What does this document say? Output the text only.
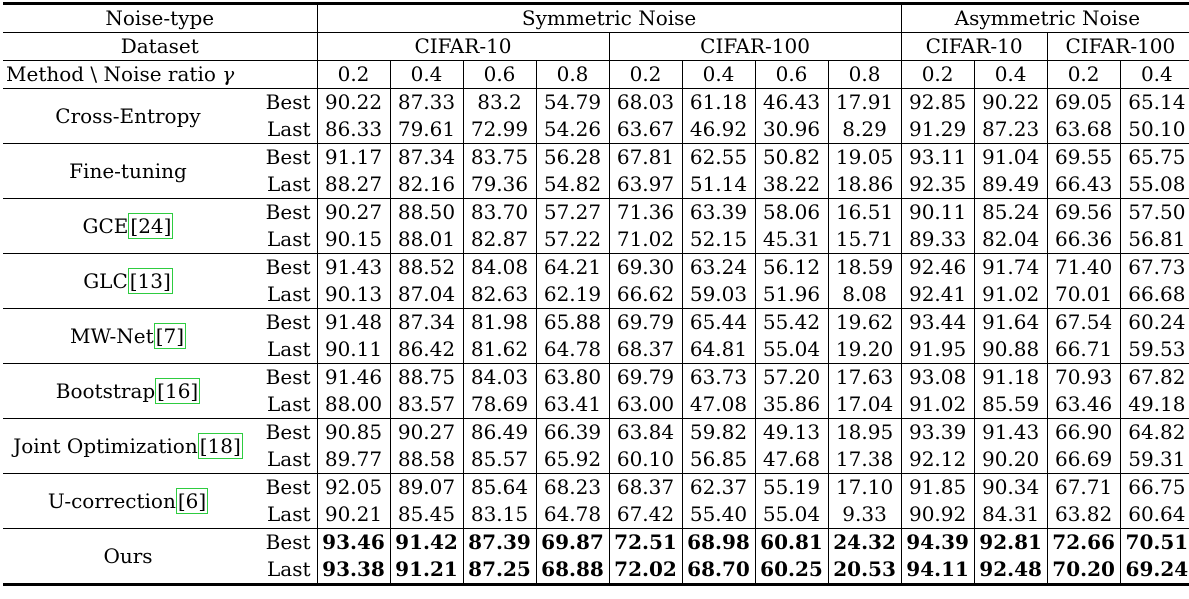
Noise-type		Symmetric Noise								Asymmetric Noise			
Dataset		CIFAR-10				CIFAR-100				CIFAR-10		CIFAR-100	
Method \ Noise ratio γ		0.2	0.4	0.6	0.8	0.2	0.4	0.6	0.8	0.2	0.4	0.2	0.4
Cross-Entropy	Best	90.22	87.33	83.2	54.79	68.03	61.18	46.43	17.91	92.85	90.22	69.05	65.14
	Last	86.33	79.61	72.99	54.26	63.67	46.92	30.96	8.29	91.29	87.23	63.68	50.10
Fine-tuning	Best	91.17	87.34	83.75	56.28	67.81	62.55	50.82	19.05	93.11	91.04	69.55	65.75
	Last	88.27	82.16	79.36	54.82	63.97	51.14	38.22	18.86	92.35	89.49	66.43	55.08
GCE [24]	Best	90.27	88.50	83.70	57.27	71.36	63.39	58.06	16.51	90.11	85.24	69.56	57.50
	Last	90.15	88.01	82.87	57.22	71.02	52.15	45.31	15.71	89.33	82.04	66.36	56.81
GLC [13]	Best	91.43	88.52	84.08	64.21	69.30	63.24	56.12	18.59	92.46	91.74	71.40	67.73
	Last	90.13	87.04	82.63	62.19	66.62	59.03	51.96	8.08	92.41	91.02	70.01	66.68
MW-Net [7]	Best	91.48	87.34	81.98	65.88	69.79	65.44	55.42	19.62	93.44	91.64	67.54	60.24
	Last	90.11	86.42	81.62	64.78	68.37	64.81	55.04	19.20	91.95	90.88	66.71	59.53
Bootstrap [16]	Best	91.46	88.75	84.03	63.80	69.79	63.73	57.20	17.63	93.08	91.18	70.93	67.82
	Last	88.00	83.57	78.69	63.41	63.00	47.08	35.86	17.04	91.02	85.59	63.46	49.18
Joint Optimization [18]	Best	90.85	90.27	86.49	66.39	63.84	59.82	49.13	18.95	93.39	91.43	66.90	64.82
	Last	89.77	88.58	85.57	65.92	60.10	56.85	47.68	17.38	92.12	90.20	66.69	59.31
U-correction [6]	Best	92.05	89.07	85.64	68.23	68.37	62.37	55.19	17.10	91.85	90.34	67.71	66.75
	Last	90.21	85.45	83.15	64.78	67.42	55.40	55.04	9.33	90.92	84.31	63.82	60.64
Ours	Best	93.46	91.42	87.39	69.87	72.51	68.98	60.81	24.32	94.39	92.81	72.66	70.51
	Last	93.38	91.21	87.25	68.88	72.02	68.70	60.25	20.53	94.11	92.48	70.20	69.24
